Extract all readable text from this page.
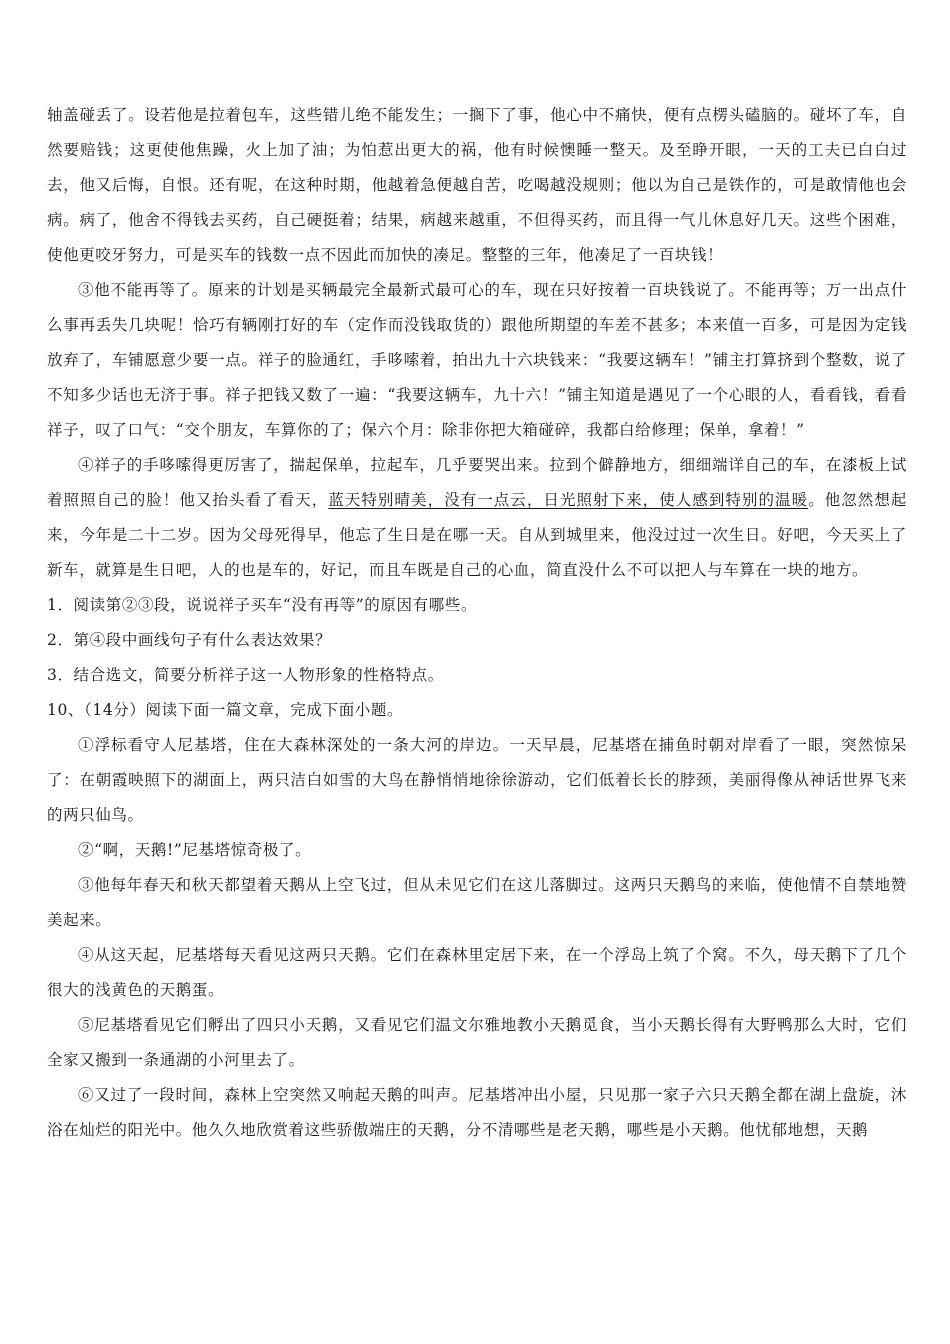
轴盖碰丢了。设若他是拉着包车，这些错儿绝不能发生；一搁下了事，他心中不痛快，便有点楞头磕脑的。碰坏了车，自然要赔钱；这更使他焦躁，火上加了油；为怕惹出更大的祸，他有时候懊睡一整天。及至睁开眼，一天的工夫已白白过去，他又后悔，自恨。还有呢，在这种时期，他越着急便越自苦，吃喝越没规则；他以为自己是铁作的，可是敢情他也会病。病了，他舍不得钱去买药，自己硬挺着；结果，病越来越重，不但得买药，而且得一气儿休息好几天。这些个困难，使他更咬牙努力，可是买车的钱数一点不因此而加快的凑足。整整的三年，他凑足了一百块钱！

③他不能再等了。原来的计划是买辆最完全最新式最可心的车，现在只好按着一百块钱说了。不能再等；万一出点什么事再丢失几块呢！恰巧有辆刚打好的车（定作而没钱取货的）跟他所期望的车差不甚多；本来值一百多，可是因为定钱放弃了，车铺愿意少要一点。祥子的脸通红，手哆嗦着，拍出九十六块钱来：“我要这辆车！”铺主打算挤到个整数，说了不知多少话也无济于事。祥子把钱又数了一遍：“我要这辆车，九十六！”铺主知道是遇见了一个心眼的人，看看钱，看看祥子，叹了口气：“交个朋友，车算你的了；保六个月：除非你把大箱碰碎，我都白给修理；保单，拿着！”

④祥子的手哆嗦得更厉害了，揣起保单，拉起车，几乎要哭出来。拉到个僻静地方，细细端详自己的车，在漆板上试着照照自己的脸！他又抬头看了看天，蓝天特别晴美，没有一点云，日光照射下来，使人感到特别的温暖。他忽然想起来，今年是二十二岁。因为父母死得早，他忘了生日是在哪一天。自从到城里来，他没过过一次生日。好吧，今天买上了新车，就算是生日吧，人的也是车的，好记，而且车既是自己的心血，简直没什么不可以把人与车算在一块的地方。

1．阅读第②③段，说说祥子买车“没有再等”的原因有哪些。

2．第④段中画线句子有什么表达效果？

3．结合选文，简要分析祥子这一人物形象的性格特点。

10、（14分）阅读下面一篇文章，完成下面小题。

①浮标看守人尼基塔，住在大森林深处的一条大河的岸边。一天早晨，尼基塔在捕鱼时朝对岸看了一眼，突然惊呆了：在朝霞映照下的湖面上，两只洁白如雪的大鸟在静悄悄地徐徐游动，它们低着长长的脖颈，美丽得像从神话世界飞来的两只仙鸟。

②“啊，天鹅!”尼基塔惊奇极了。

③他每年春天和秋天都望着天鹅从上空飞过，但从未见它们在这儿落脚过。这两只天鹅鸟的来临，使他情不自禁地赞美起来。

④从这天起，尼基塔每天看见这两只天鹅。它们在森林里定居下来，在一个浮岛上筑了个窝。不久，母天鹅下了几个很大的浅黄色的天鹅蛋。

⑤尼基塔看见它们孵出了四只小天鹅，又看见它们温文尔雅地教小天鹅觅食，当小天鹅长得有大野鸭那么大时，它们全家又搬到一条通湖的小河里去了。

⑥又过了一段时间，森林上空突然又响起天鹅的叫声。尼基塔冲出小屋，只见那一家子六只天鹅全都在湖上盘旋，沐浴在灿烂的阳光中。他久久地欣赏着这些骄傲端庄的天鹅，分不清哪些是老天鹅，哪些是小天鹅。他忧郁地想，天鹅
